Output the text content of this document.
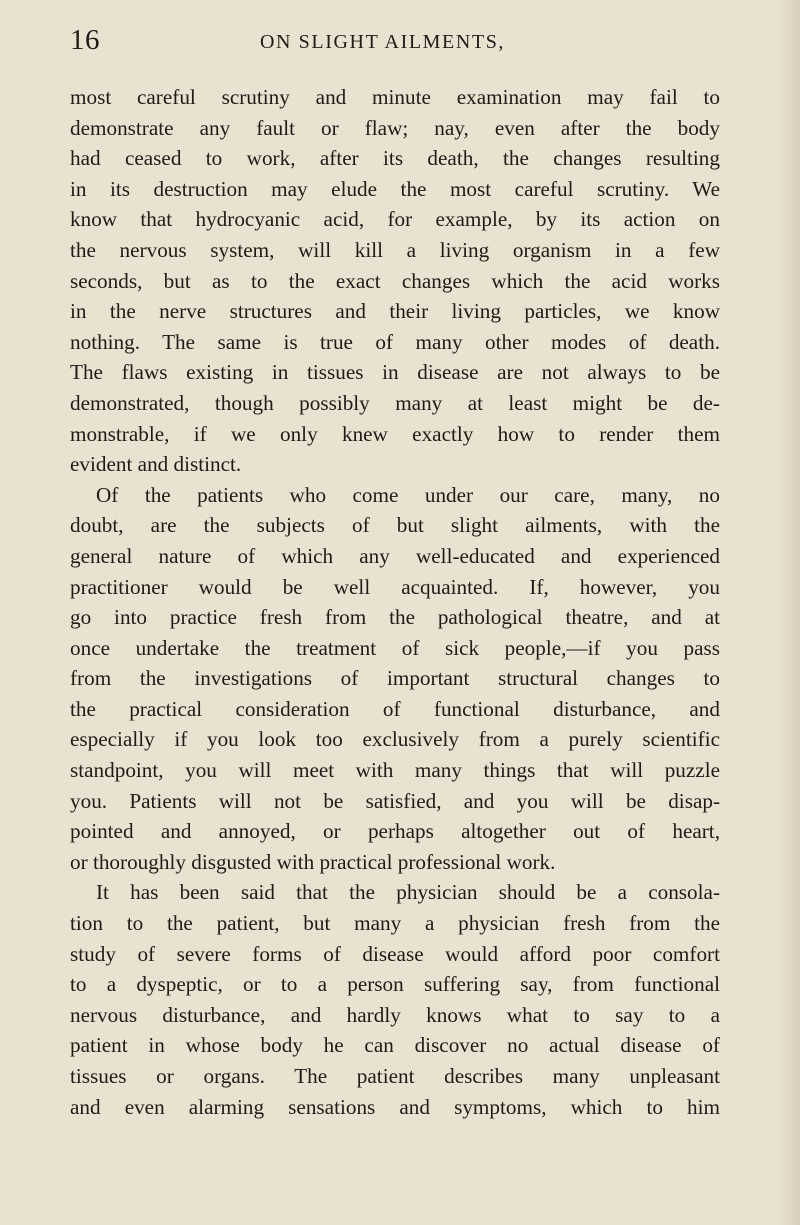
16	ON SLIGHT AILMENTS,
most careful scrutiny and minute examination may fail to
demonstrate any fault or flaw; nay, even after the body
had ceased to work, after its death, the changes resulting
in its destruction may elude the most careful scrutiny. We
know that hydrocyanic acid, for example, by its action on
the nervous system, will kill a living organism in a few
seconds, but as to the exact changes which the acid works
in the nerve structures and their living particles, we know
nothing. The same is true of many other modes of death.
The flaws existing in tissues in disease are not always to be
demonstrated, though possibly many at least might be de-
monstrable, if we only knew exactly how to render them
evident and distinct.
Of the patients who come under our care, many, no
doubt, are the subjects of but slight ailments, with the
general nature of which any well-educated and experienced
practitioner would be well acquainted. If, however, you
go into practice fresh from the pathological theatre, and at
once undertake the treatment of sick people,—if you pass
from the investigations of important structural changes to
the practical consideration of functional disturbance, and
especially if you look too exclusively from a purely scientific
standpoint, you will meet with many things that will puzzle
you. Patients will not be satisfied, and you will be disap-
pointed and annoyed, or perhaps altogether out of heart,
or thoroughly disgusted with practical professional work.
It has been said that the physician should be a consola-
tion to the patient, but many a physician fresh from the
study of severe forms of disease would afford poor comfort
to a dyspeptic, or to a person suffering say, from functional
nervous disturbance, and hardly knows what to say to a
patient in whose body he can discover no actual disease of
tissues or organs. The patient describes many unpleasant
and even alarming sensations and symptoms, which to him
